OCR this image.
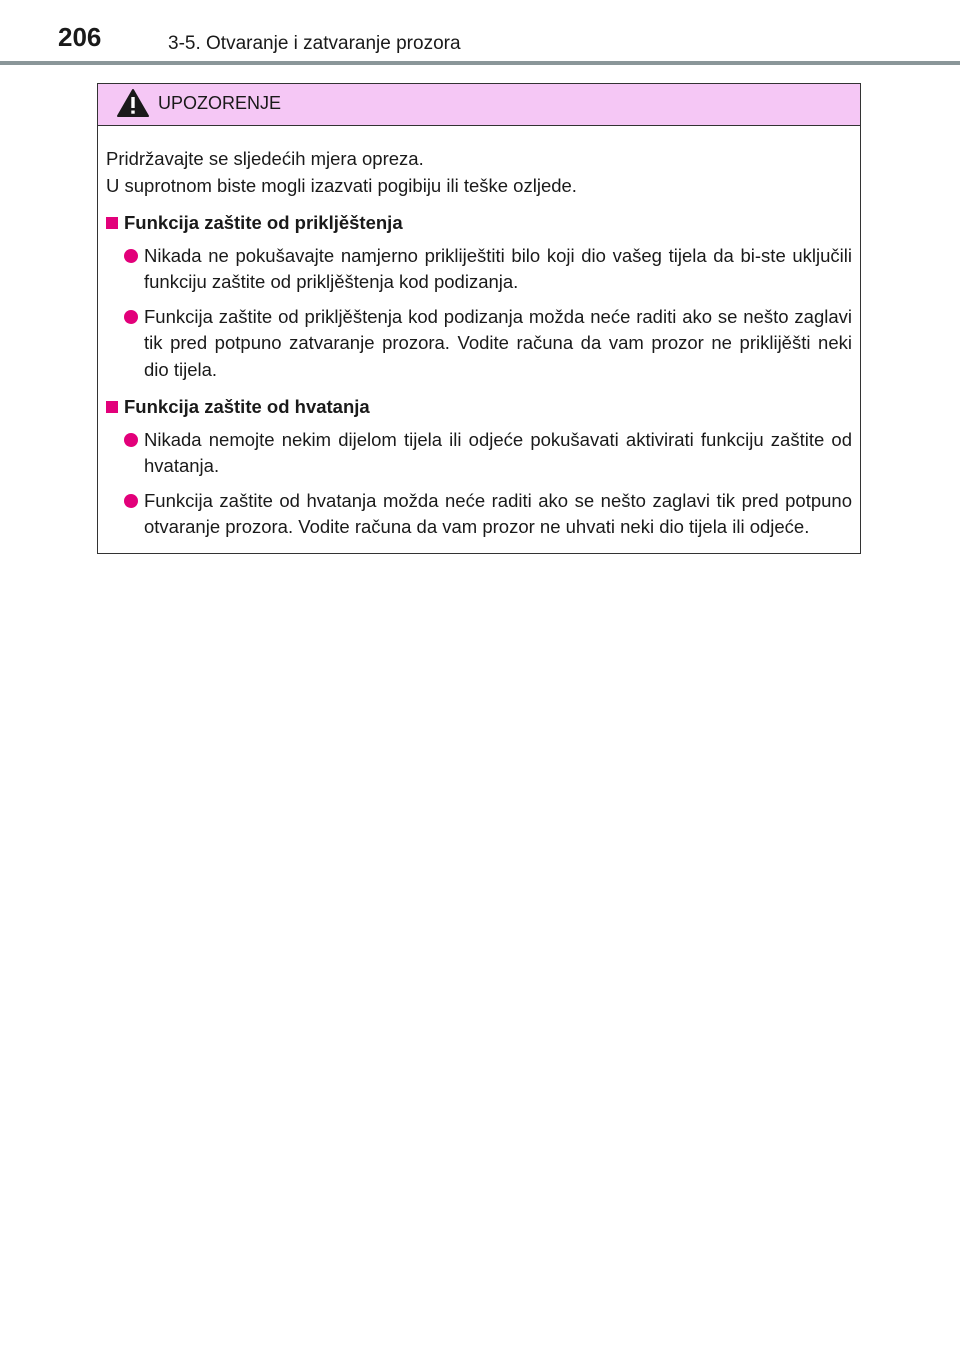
206	3-5. Otvaranje i zatvaranje prozora
UPOZORENJE

Pridržavajte se sljedećih mjera opreza.

U suprotnom biste mogli izazvati pogibiju ili teške ozljede.

Funkcija zaštite od prikljěštenja
Nikada ne pokušavajte namjerno prikliještiti bilo koji dio vašeg tijela da bi-ste uključili funkciju zaštite od prikljěštenja kod podizanja.
Funkcija zaštite od prikljěštenja kod podizanja možda neće raditi ako se nešto zaglavi tik pred potpuno zatvaranje prozora. Vodite računa da vam prozor ne priklijěšti neki dio tijela.
Funkcija zaštite od hvatanja
Nikada nemojte nekim dijelom tijela ili odjeće pokušavati aktivirati funkciju zaštite od hvatanja.
Funkcija zaštite od hvatanja možda neće raditi ako se nešto zaglavi tik pred potpuno otvaranje prozora. Vodite računa da vam prozor ne uhvati neki dio tijela ili odjeće.
